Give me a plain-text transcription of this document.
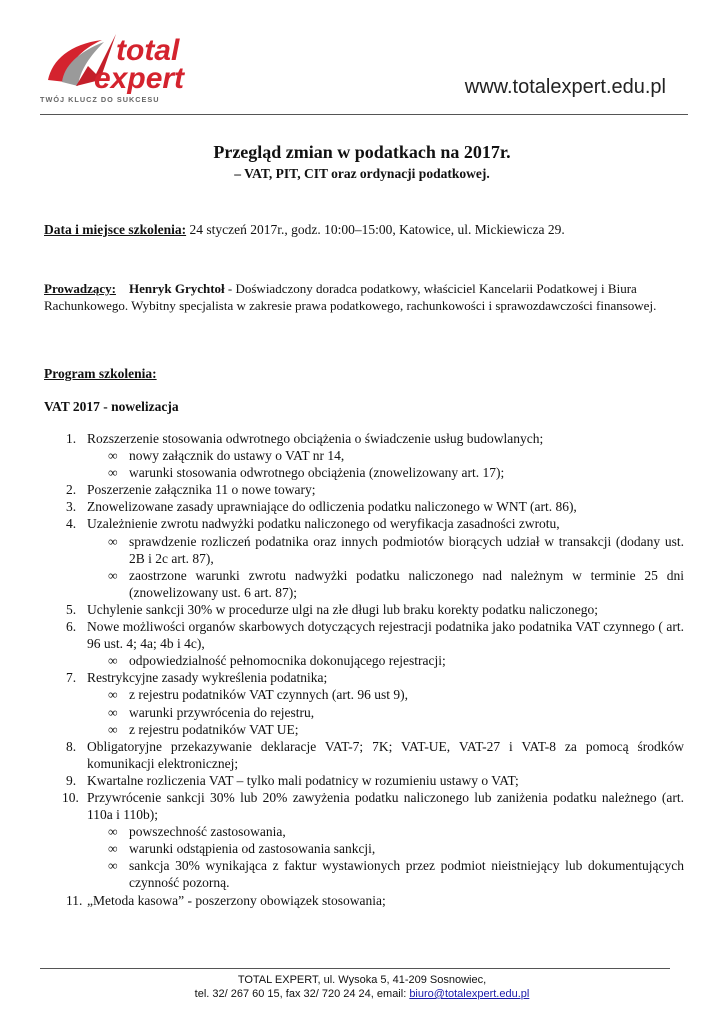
total
expert
TWÓJ KLUCZ DO SUKCESU
www.totalexpert.edu.pl
Przegląd zmian w podatkach na 2017r.
– VAT, PIT, CIT oraz ordynacji podatkowej.
Data i miejsce szkolenia: 24 styczeń 2017r., godz. 10:00–15:00, Katowice, ul. Mickiewicza 29.
Prowadzący: Henryk Grychtoł - Doświadczony doradca podatkowy, właściciel Kancelarii Podatkowej i Biura Rachunkowego. Wybitny specjalista w zakresie prawa podatkowego, rachunkowości i sprawozdawczości finansowej.
Program szkolenia:
VAT 2017 - nowelizacja
1. Rozszerzenie stosowania odwrotnego obciążenia o świadczenie usług budowlanych;
∞ nowy załącznik do ustawy o VAT nr 14,
∞ warunki stosowania odwrotnego obciążenia (znowelizowany art. 17);
2. Poszerzenie załącznika 11 o nowe towary;
3. Znowelizowane zasady uprawniające do odliczenia podatku naliczonego w WNT (art. 86),
4. Uzależnienie zwrotu nadwyżki podatku naliczonego od weryfikacja zasadności zwrotu,
∞ sprawdzenie rozliczeń podatnika oraz innych podmiotów biorących udział w transakcji (dodany ust. 2B i 2c art. 87),
∞ zaostrzone warunki zwrotu nadwyżki podatku naliczonego nad należnym w terminie 25 dni (znowelizowany ust. 6 art. 87);
5. Uchylenie sankcji 30% w procedurze ulgi na złe długi lub braku korekty podatku naliczonego;
6. Nowe możliwości organów skarbowych dotyczących rejestracji podatnika jako podatnika VAT czynnego ( art. 96 ust. 4; 4a; 4b i 4c),
∞ odpowiedzialność pełnomocnika dokonującego rejestracji;
7. Restrykcyjne zasady wykreślenia podatnika;
∞ z rejestru podatników VAT czynnych (art. 96 ust 9),
∞ warunki przywrócenia do rejestru,
∞ z rejestru podatników VAT UE;
8. Obligatoryjne przekazywanie deklaracje VAT-7; 7K; VAT-UE, VAT-27 i VAT-8 za pomocą środków komunikacji elektronicznej;
9. Kwartalne rozliczenia VAT – tylko mali podatnicy w rozumieniu ustawy o VAT;
10. Przywrócenie sankcji 30% lub 20% zawyżenia podatku naliczonego lub zaniżenia podatku należnego (art. 110a i 110b);
∞ powszechność zastosowania,
∞ warunki odstąpienia od zastosowania sankcji,
∞ sankcja 30% wynikająca z faktur wystawionych przez podmiot nieistniejący lub dokumentujących czynność pozorną.
11. „Metoda kasowa” - poszerzony obowiązek stosowania;
TOTAL EXPERT, ul. Wysoka 5, 41-209 Sosnowiec,
tel. 32/ 267 60 15, fax 32/ 720 24 24, email: biuro@totalexpert.edu.pl
